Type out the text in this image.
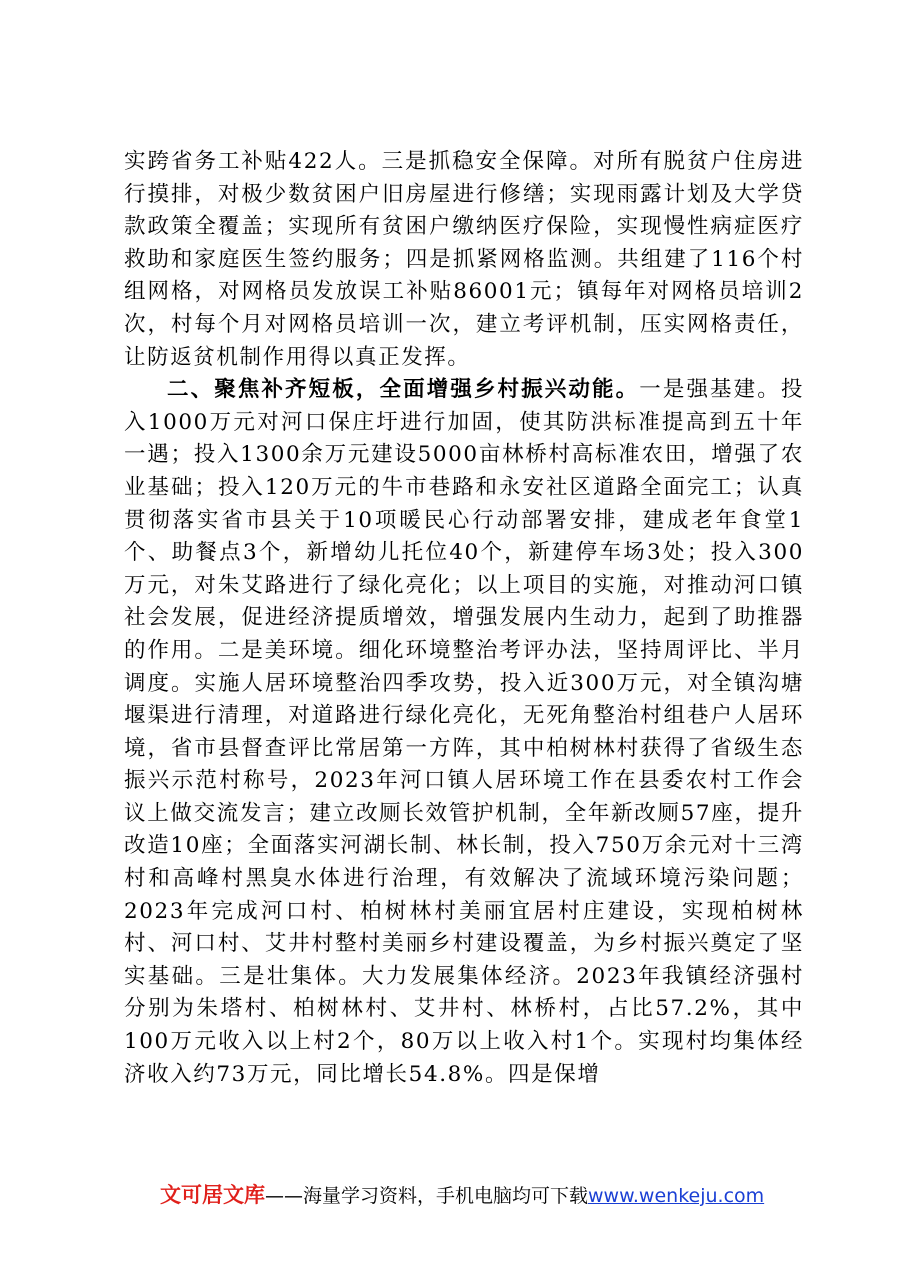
实跨省务工补贴422人。三是抓稳安全保障。对所有脱贫户住房进行摸排，对极少数贫困户旧房屋进行修缮；实现雨露计划及大学贷款政策全覆盖；实现所有贫困户缴纳医疗保险，实现慢性病症医疗救助和家庭医生签约服务；四是抓紧网格监测。共组建了116个村组网格，对网格员发放误工补贴86001元；镇每年对网格员培训2次，村每个月对网格员培训一次，建立考评机制，压实网格责任，让防返贫机制作用得以真正发挥。

二、聚焦补齐短板，全面增强乡村振兴动能。一是强基建。投入1000万元对河口保庄圩进行加固，使其防洪标准提高到五十年一遇；投入1300余万元建设5000亩林桥村高标准农田，增强了农业基础；投入120万元的牛市巷路和永安社区道路全面完工；认真贯彻落实省市县关于10项暖民心行动部署安排，建成老年食堂1个、助餐点3个，新增幼儿托位40个，新建停车场3处；投入300万元，对朱艾路进行了绿化亮化；以上项目的实施，对推动河口镇社会发展，促进经济提质增效，增强发展内生动力，起到了助推器的作用。二是美环境。细化环境整治考评办法，坚持周评比、半月调度。实施人居环境整治四季攻势，投入近300万元，对全镇沟塘堰渠进行清理，对道路进行绿化亮化，无死角整治村组巷户人居环境，省市县督查评比常居第一方阵，其中柏树林村获得了省级生态振兴示范村称号，2023年河口镇人居环境工作在县委农村工作会议上做交流发言；建立改厕长效管护机制，全年新改厕57座，提升改造10座；全面落实河湖长制、林长制，投入750万余元对十三湾村和高峰村黑臭水体进行治理，有效解决了流域环境污染问题；2023年完成河口村、柏树林村美丽宜居村庄建设，实现柏树林村、河口村、艾井村整村美丽乡村建设覆盖，为乡村振兴奠定了坚实基础。三是壮集体。大力发展集体经济。2023年我镇经济强村分别为朱塔村、柏树林村、艾井村、林桥村，占比57.2%，其中100万元收入以上村2个，80万以上收入村1个。实现村均集体经济收入约73万元，同比增长54.8%。四是保增

文可居文库——海量学习资料，手机电脑均可下载www.wenkeju.com
